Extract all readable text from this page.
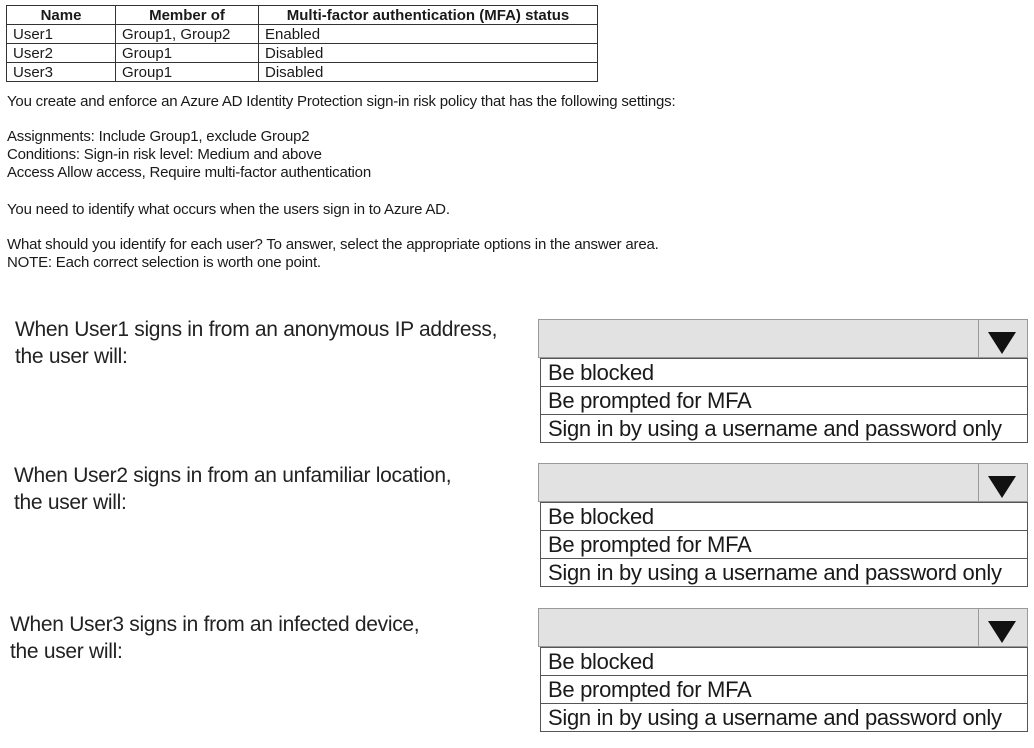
Name	Member of	Multi-factor authentication (MFA) status
User1	Group1, Group2	Enabled
User2	Group1	Disabled
User3	Group1	Disabled
You create and enforce an Azure AD Identity Protection sign-in risk policy that has the following settings:
Assignments: Include Group1, exclude Group2
Conditions: Sign-in risk level: Medium and above
Access Allow access, Require multi-factor authentication
You need to identify what occurs when the users sign in to Azure AD.
What should you identify for each user? To answer, select the appropriate options in the answer area.
NOTE: Each correct selection is worth one point.
When User1 signs in from an anonymous IP address,
the user will:
Be blocked
Be prompted for MFA
Sign in by using a username and password only
When User2 signs in from an unfamiliar location,
the user will:
Be blocked
Be prompted for MFA
Sign in by using a username and password only
When User3 signs in from an infected device,
the user will:	Be blocked
Be prompted for MFA
Sign in by using a username and password only
